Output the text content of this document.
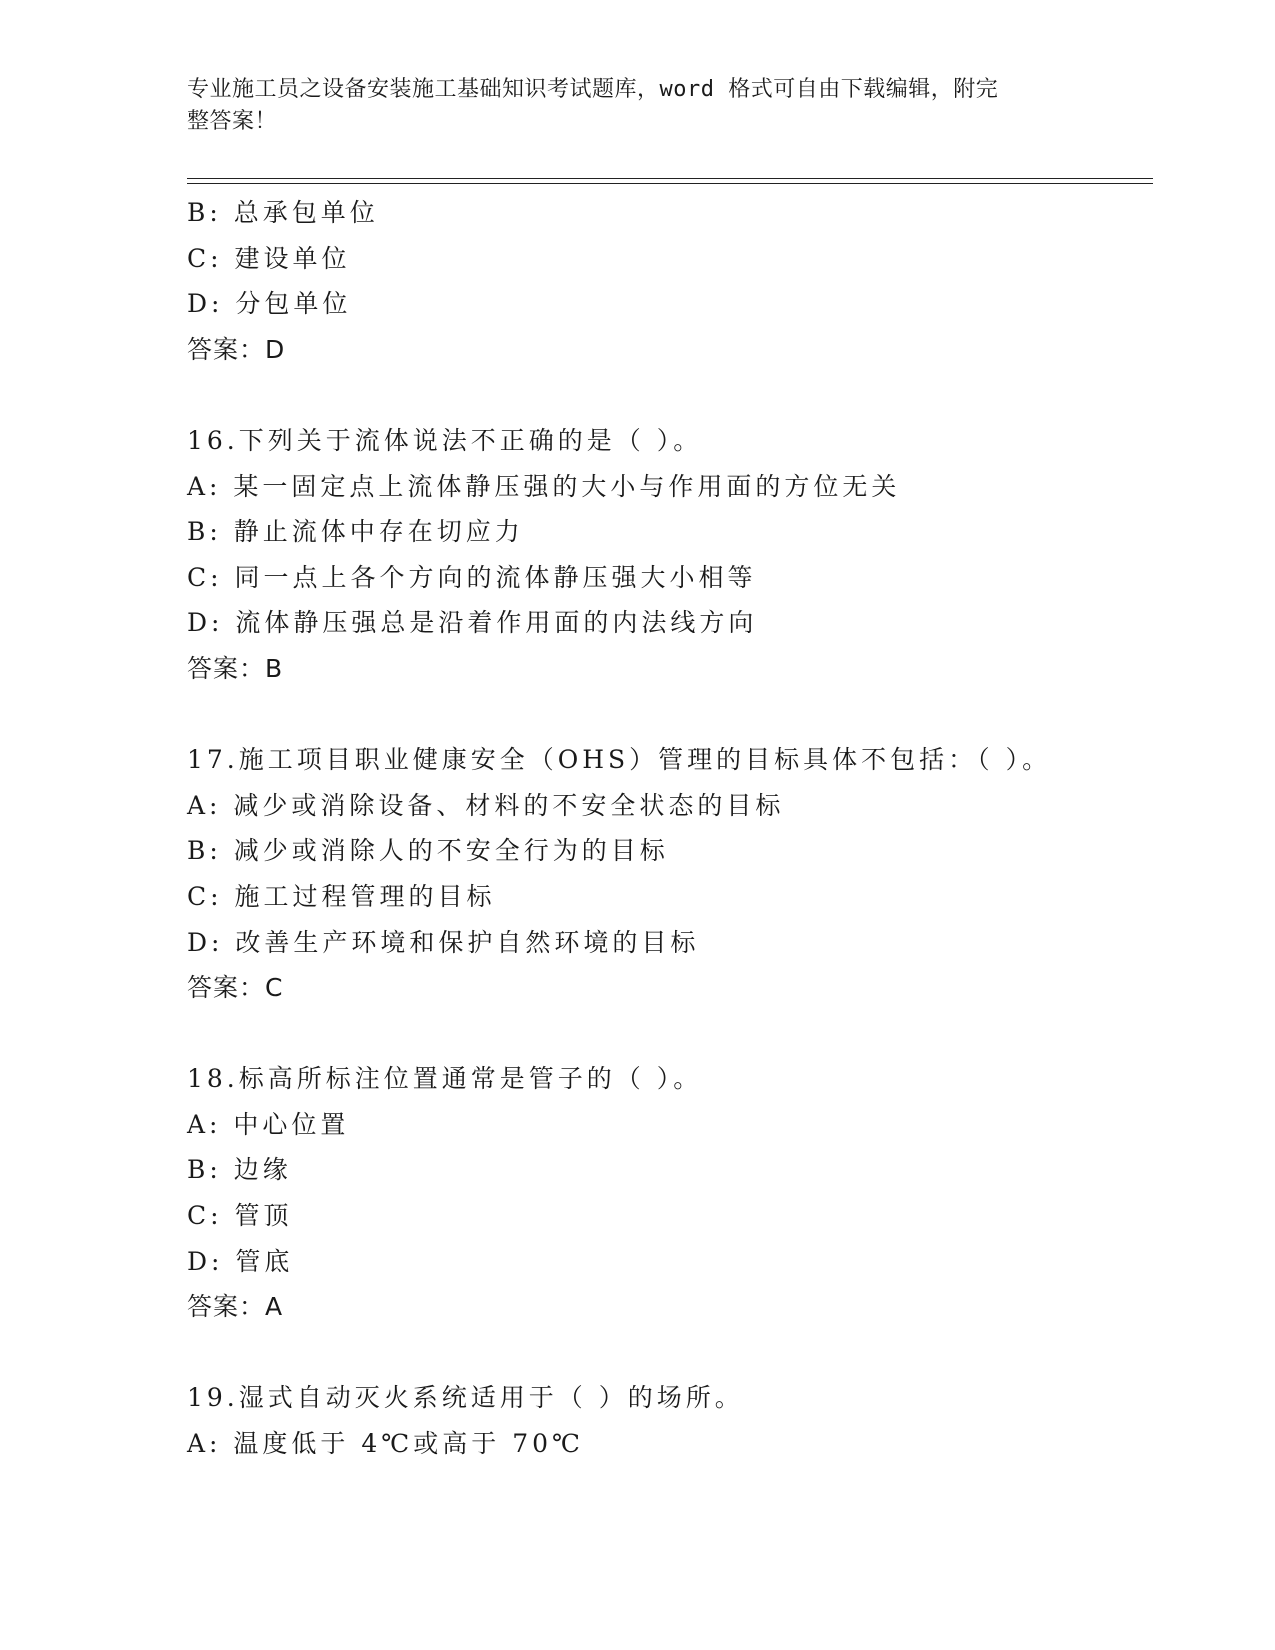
专业施工员之设备安装施工基础知识考试题库，word 格式可自由下载编辑，附完
整答案！
B: 总承包单位
C: 建设单位
D: 分包单位
答案：D
16.下列关于流体说法不正确的是（ ）。
A: 某一固定点上流体静压强的大小与作用面的方位无关
B: 静止流体中存在切应力
C: 同一点上各个方向的流体静压强大小相等
D: 流体静压强总是沿着作用面的内法线方向
答案：B
17.施工项目职业健康安全（OHS）管理的目标具体不包括：（ ）。
A: 减少或消除设备、材料的不安全状态的目标
B: 减少或消除人的不安全行为的目标
C: 施工过程管理的目标
D: 改善生产环境和保护自然环境的目标
答案：C
18.标高所标注位置通常是管子的（ ）。
A: 中心位置
B: 边缘
C: 管顶
D: 管底
答案：A
19.湿式自动灭火系统适用于（ ）的场所。
A: 温度低于 4℃或高于 70℃
